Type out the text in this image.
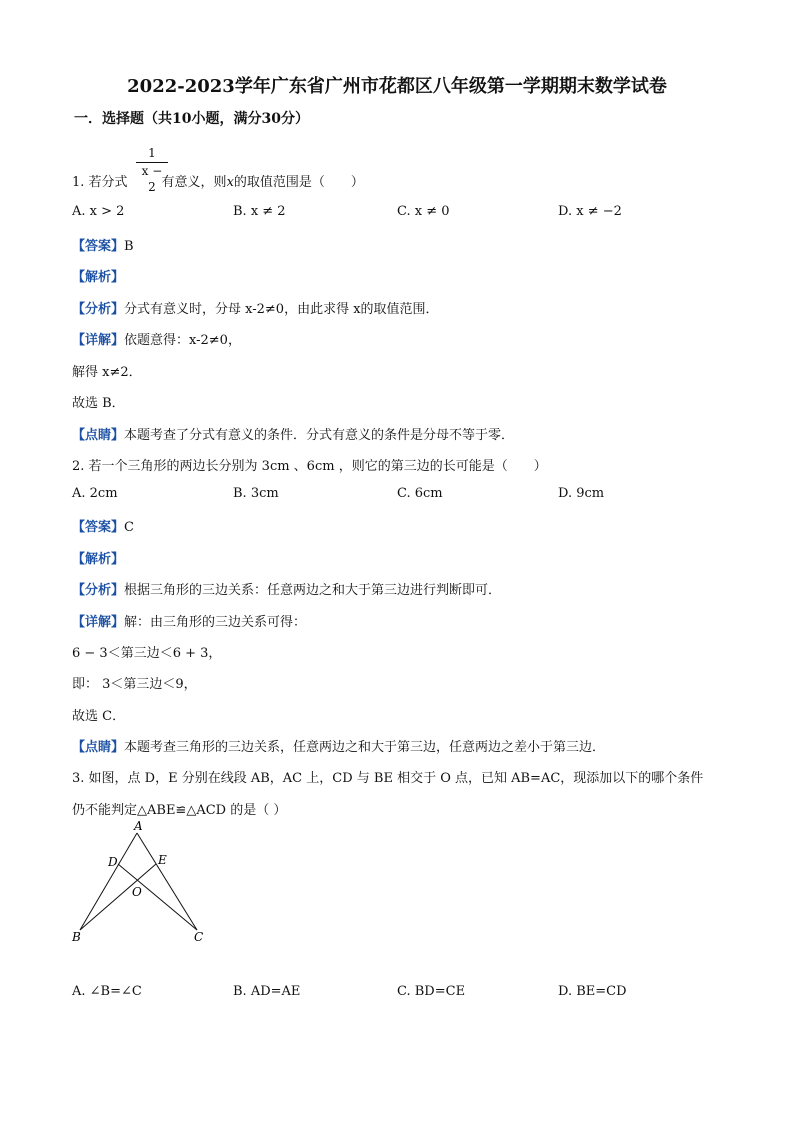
2022-2023学年广东省广州市花都区八年级第一学期期末数学试卷
一．选择题（共10小题，满分30分）
$\frac{1}{x - 2}$
1. 若分式	有意义，则x的取值范围是（　　）
A. x > 2	B. x ≠ 2	C. x ≠ 0	D. x ≠ −2
【答案】B
【解析】
【分析】分式有意义时，分母 x-2≠0，由此求得 x的取值范围．
【详解】依题意得：x-2≠0，
解得 x≠2．
故选 B．
【点睛】本题考查了分式有意义的条件．分式有意义的条件是分母不等于零．
2. 若一个三角形的两边长分别为 3cm 、6cm ，则它的第三边的长可能是（　　）
A. 2cm	B. 3cm	C. 6cm	D. 9cm
【答案】C
【解析】
【分析】根据三角形的三边关系：任意两边之和大于第三边进行判断即可．
【详解】解：由三角形的三边关系可得：
6 − 3＜第三边＜6 + 3，
即： 3＜第三边＜9，
故选 C．
【点睛】本题考查三角形的三边关系，任意两边之和大于第三边，任意两边之差小于第三边．
3. 如图，点 D，E 分别在线段 AB，AC 上，CD 与 BE 相交于 O 点，已知 AB=AC，现添加以下的哪个条件
仍不能判定△ABE≌△ACD 的是（ ）
A
D	E
O
B	C
A. ∠B=∠C	B. AD=AE	C. BD=CE	D. BE=CD
